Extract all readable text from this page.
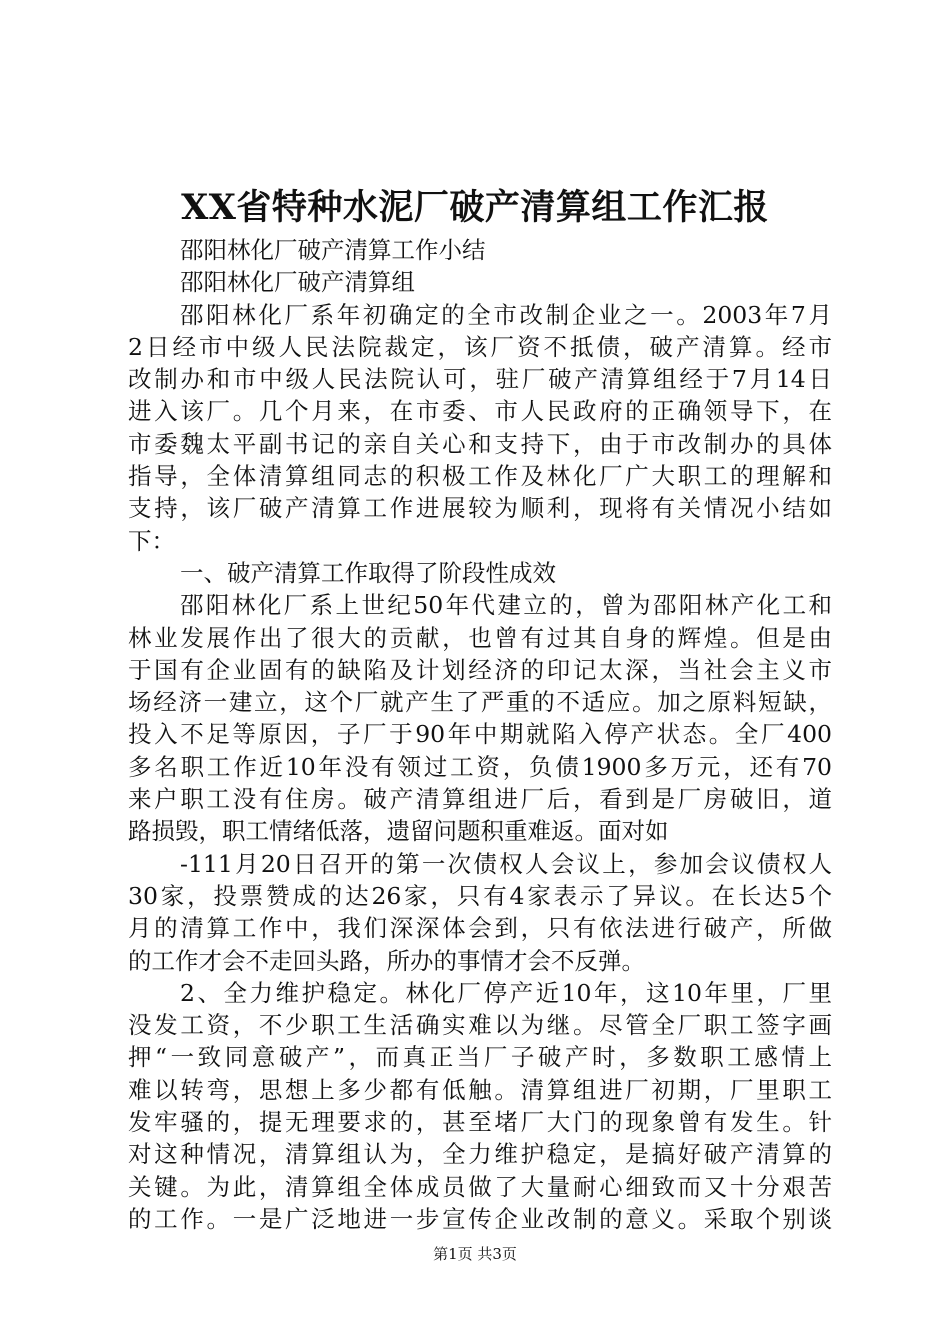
XX省特种水泥厂破产清算组工作汇报
邵阳林化厂破产清算工作小结
邵阳林化厂破产清算组
邵阳林化厂系年初确定的全市改制企业之一。2003年7月
2日经市中级人民法院裁定，该厂资不抵债，破产清算。经市
改制办和市中级人民法院认可，驻厂破产清算组经于7月14日
进入该厂。几个月来，在市委、市人民政府的正确领导下，在
市委魏太平副书记的亲自关心和支持下，由于市改制办的具体
指导，全体清算组同志的积极工作及林化厂广大职工的理解和
支持，该厂破产清算工作进展较为顺利，现将有关情况小结如
下：
一、破产清算工作取得了阶段性成效
邵阳林化厂系上世纪50年代建立的，曾为邵阳林产化工和
林业发展作出了很大的贡献，也曾有过其自身的辉煌。但是由
于国有企业固有的缺陷及计划经济的印记太深，当社会主义市
场经济一建立，这个厂就产生了严重的不适应。加之原料短缺，
投入不足等原因，子厂于90年中期就陷入停产状态。全厂400
多名职工作近10年没有领过工资，负债1900多万元，还有70
来户职工没有住房。破产清算组进厂后，看到是厂房破旧，道
路损毁，职工情绪低落，遗留问题积重难返。面对如
-111月20日召开的第一次债权人会议上，参加会议债权人
30家，投票赞成的达26家，只有4家表示了异议。在长达5个
月的清算工作中，我们深深体会到，只有依法进行破产，所做
的工作才会不走回头路，所办的事情才会不反弹。
2、全力维护稳定。林化厂停产近10年，这10年里，厂里
没发工资，不少职工生活确实难以为继。尽管全厂职工签字画
押“一致同意破产”，而真正当厂子破产时，多数职工感情上
难以转弯，思想上多少都有低触。清算组进厂初期，厂里职工
发牢骚的，提无理要求的，甚至堵厂大门的现象曾有发生。针
对这种情况，清算组认为，全力维护稳定，是搞好破产清算的
关键。为此，清算组全体成员做了大量耐心细致而又十分艰苦
的工作。一是广泛地进一步宣传企业改制的意义。采取个别谈
第1页 共3页
